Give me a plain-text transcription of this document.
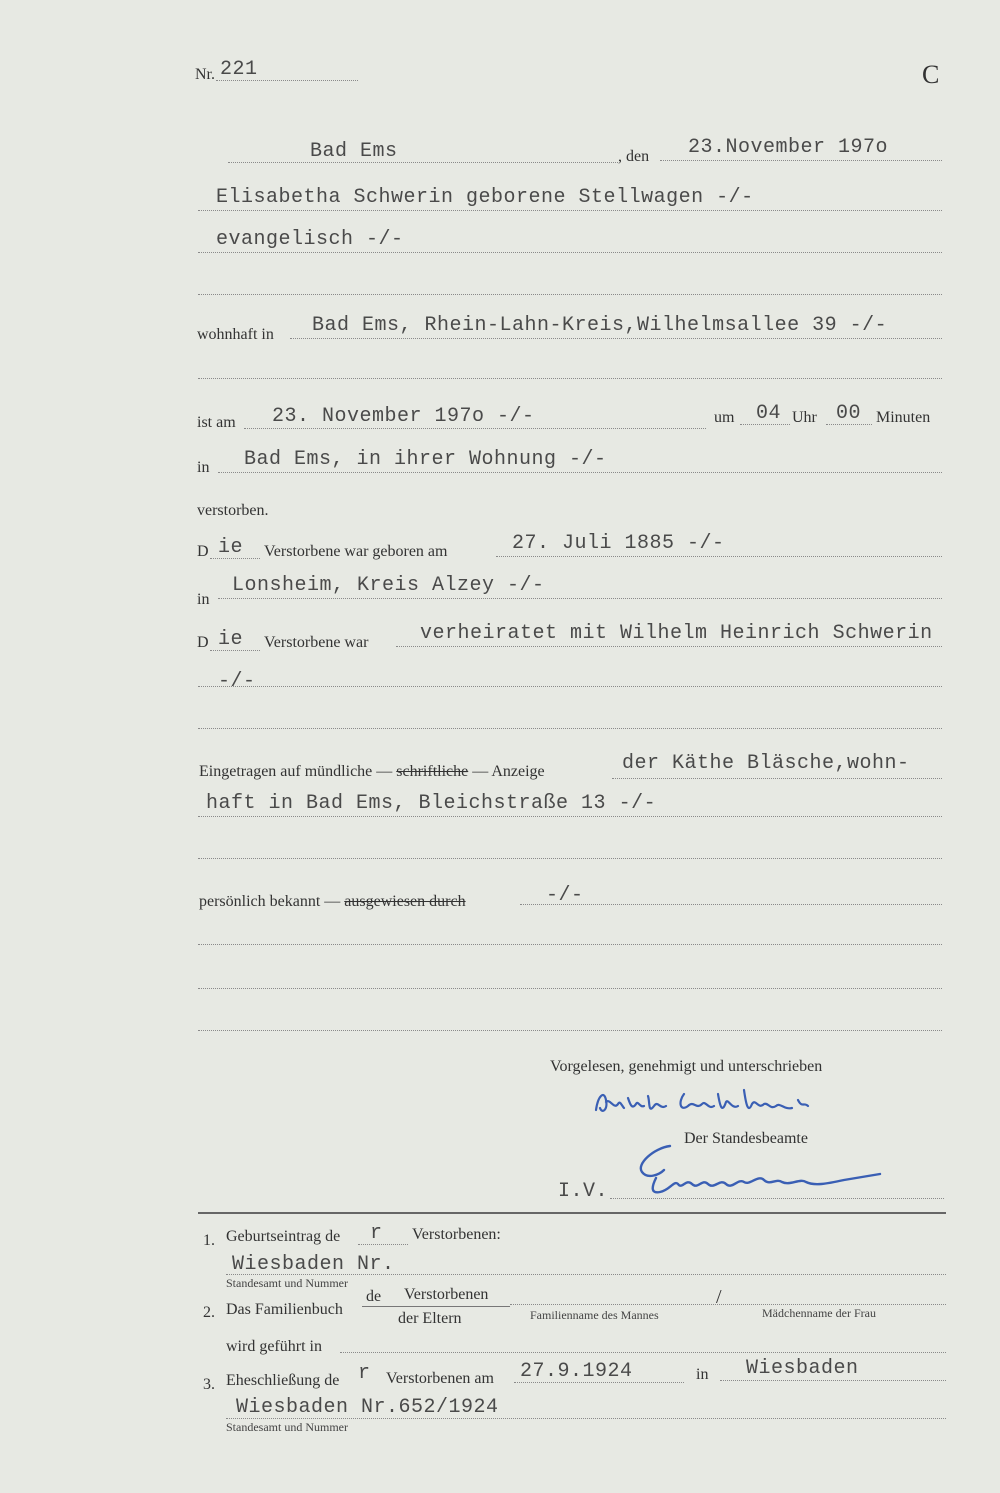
Nr. 221	C
Bad Ems	, den 23.November 197o
Elisabetha Schwerin geborene Stellwagen -/-
evangelisch -/-
wohnhaft in Bad Ems, Rhein-Lahn-Kreis,Wilhelmsallee 39 -/-
ist am 23. November 197o -/-	um 04 Uhr 00 Minuten
in Bad Ems, in ihrer Wohnung -/-
verstorben.
D ie Verstorbene war geboren am	27. Juli 1885 -/-
in
Lonsheim, Kreis Alzey -/-
D ie Verstorbene war	verheiratet mit Wilhelm Heinrich Schwerin
-/-
Eingetragen auf mündliche — schriftliche — Anzeige	der Käthe Bläsche,wohn-
haft in Bad Ems, Bleichstraße 13 -/-
persönlich bekannt — ausgewiesen durch	-/-
Vorgelesen, genehmigt und unterschrieben
Der Standesbeamte
I.V.
1. Geburtseintrag de r Verstorbenen:
Wiesbaden Nr.
Standesamt und Nummer
2. Das Familienbuch
de Verstorbenen
der Eltern
/
Familienname des Mannes	Mädchenname der Frau
wird geführt in
3. Eheschließung de r Verstorbenen am 27.9.1924	in Wiesbaden
Wiesbaden Nr.652/1924
Standesamt und Nummer
